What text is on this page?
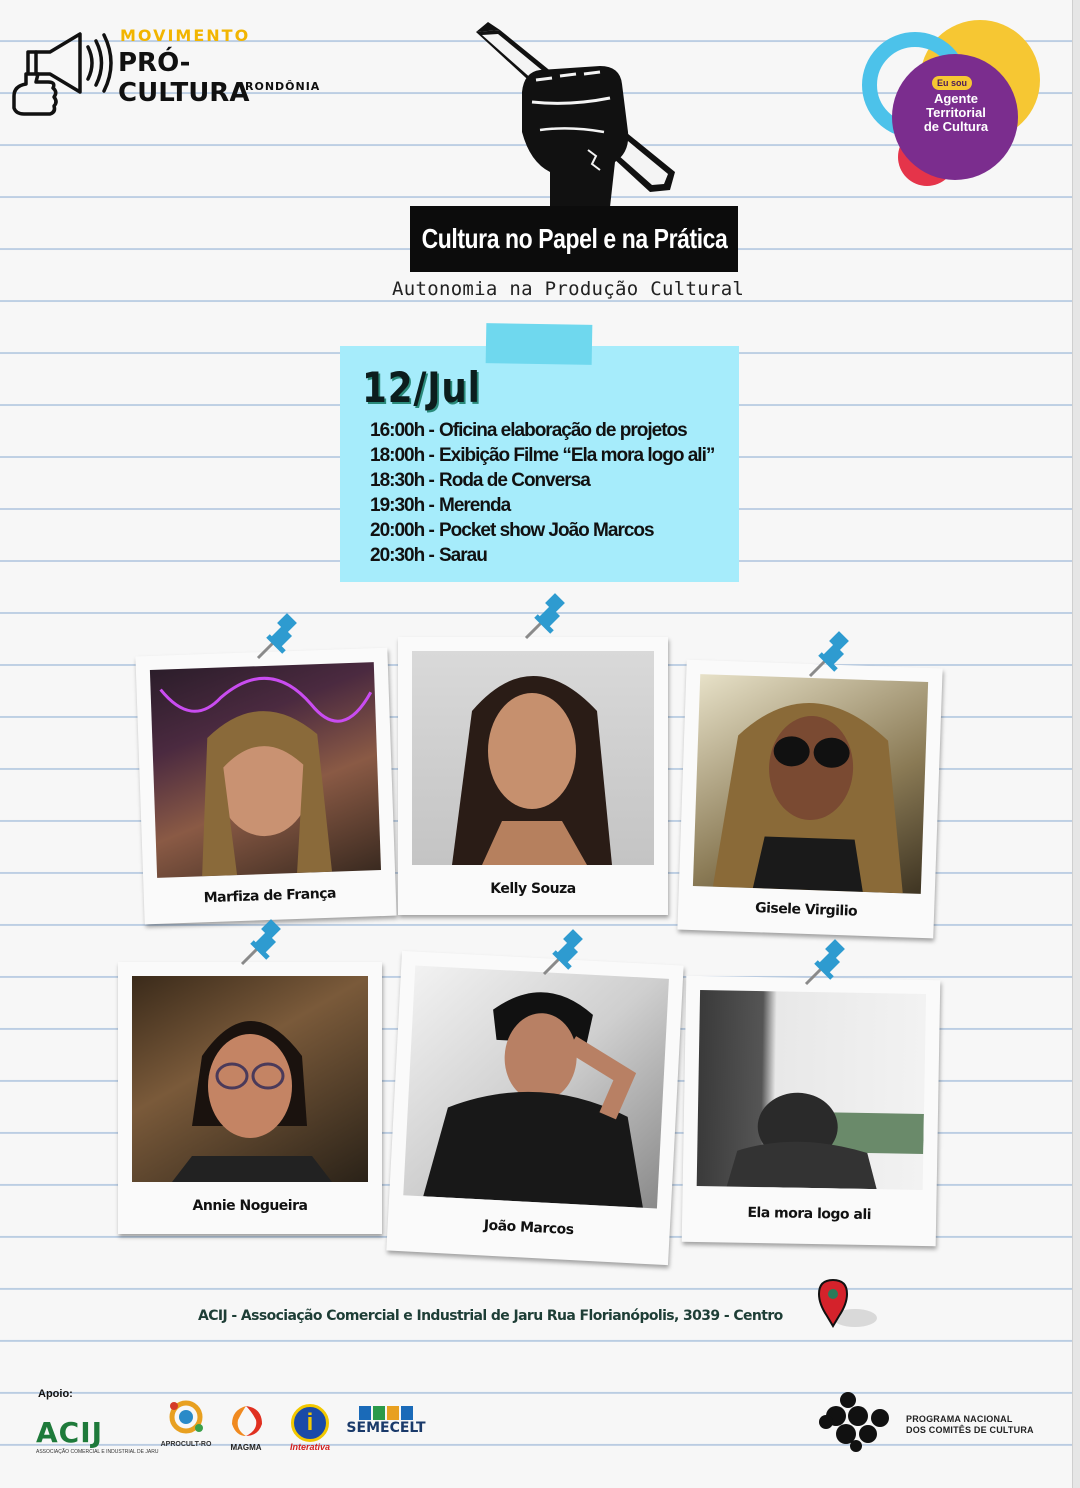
MOVIMENTO
PRÓ-CULTURA
RONDÔNIA
Cultura no Papel e na Prática
Autonomia na Produção Cultural
Eu sou
Agente
Territorial
de Cultura
12/Jul
16:00h - Oficina elaboração de projetos
18:00h - Exibição Filme “Ela mora logo ali”
18:30h - Roda de Conversa
19:30h - Merenda
20:00h - Pocket show João Marcos
20:30h - Sarau
Marfiza de França	Kelly Souza
Gisele Virgilio
Annie Nogueira
João Marcos
Ela mora logo ali
ACIJ - Associação Comercial e Industrial de Jaru Rua Florianópolis, 3039 - Centro
Apoio:
ACIJ
ASSOCIAÇÃO COMERCIAL E INDUSTRIAL DE JARU
APROCULT-RO	MAGMA
i
Interativa
SEMECELT
PROGRAMA NACIONAL
DOS COMITÊS DE CULTURA
